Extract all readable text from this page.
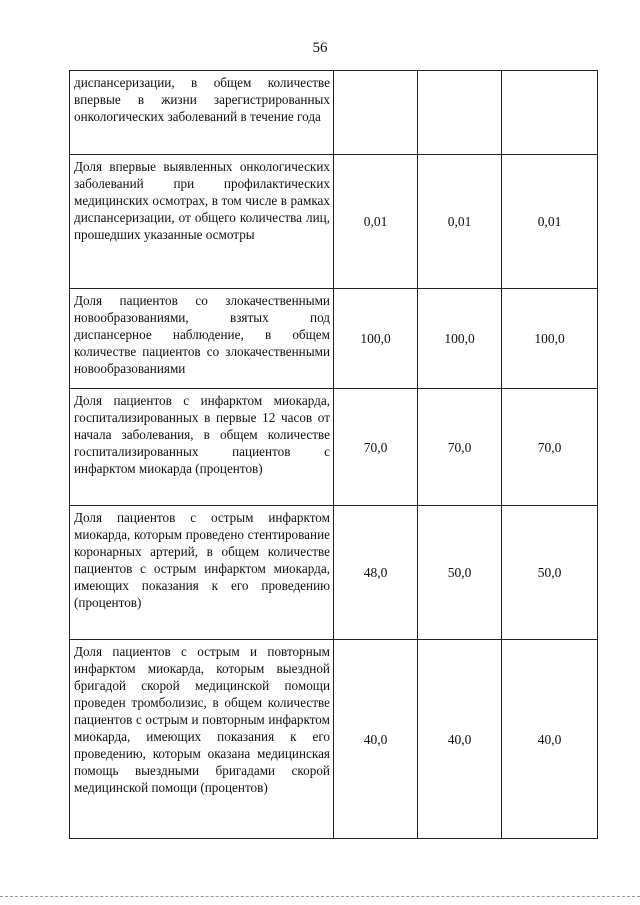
56
диспансеризации, в общем количестве впервые в жизни зарегистрированных онкологических заболеваний в течение года			
Доля впервые выявленных онкологических заболеваний при профилактических медицинских осмотрах, в том числе в рамках диспансеризации, от общего количества лиц, прошедших указанные осмотры	0,01	0,01	0,01
Доля пациентов со злокачественными новообразованиями, взятых под диспансерное наблюдение, в общем количестве пациентов со злокачественными новообразованиями	100,0	100,0	100,0
Доля пациентов с инфарктом миокарда, госпитализированных в первые 12 часов от начала заболевания, в общем количестве госпитализированных пациентов с инфарктом миокарда (процентов)	70,0	70,0	70,0
Доля пациентов с острым инфарктом миокарда, которым проведено стентирование коронарных артерий, в общем количестве пациентов с острым инфарктом миокарда, имеющих показания к его проведению (процентов)	48,0	50,0	50,0
Доля пациентов с острым и повторным инфарктом миокарда, которым выездной бригадой скорой медицинской помощи проведен тромболизис, в общем количестве пациентов с острым и повторным инфарктом миокарда, имеющих показания к его проведению, которым оказана медицинская помощь выездными бригадами скорой медицинской помощи (процентов)	40,0	40,0	40,0
